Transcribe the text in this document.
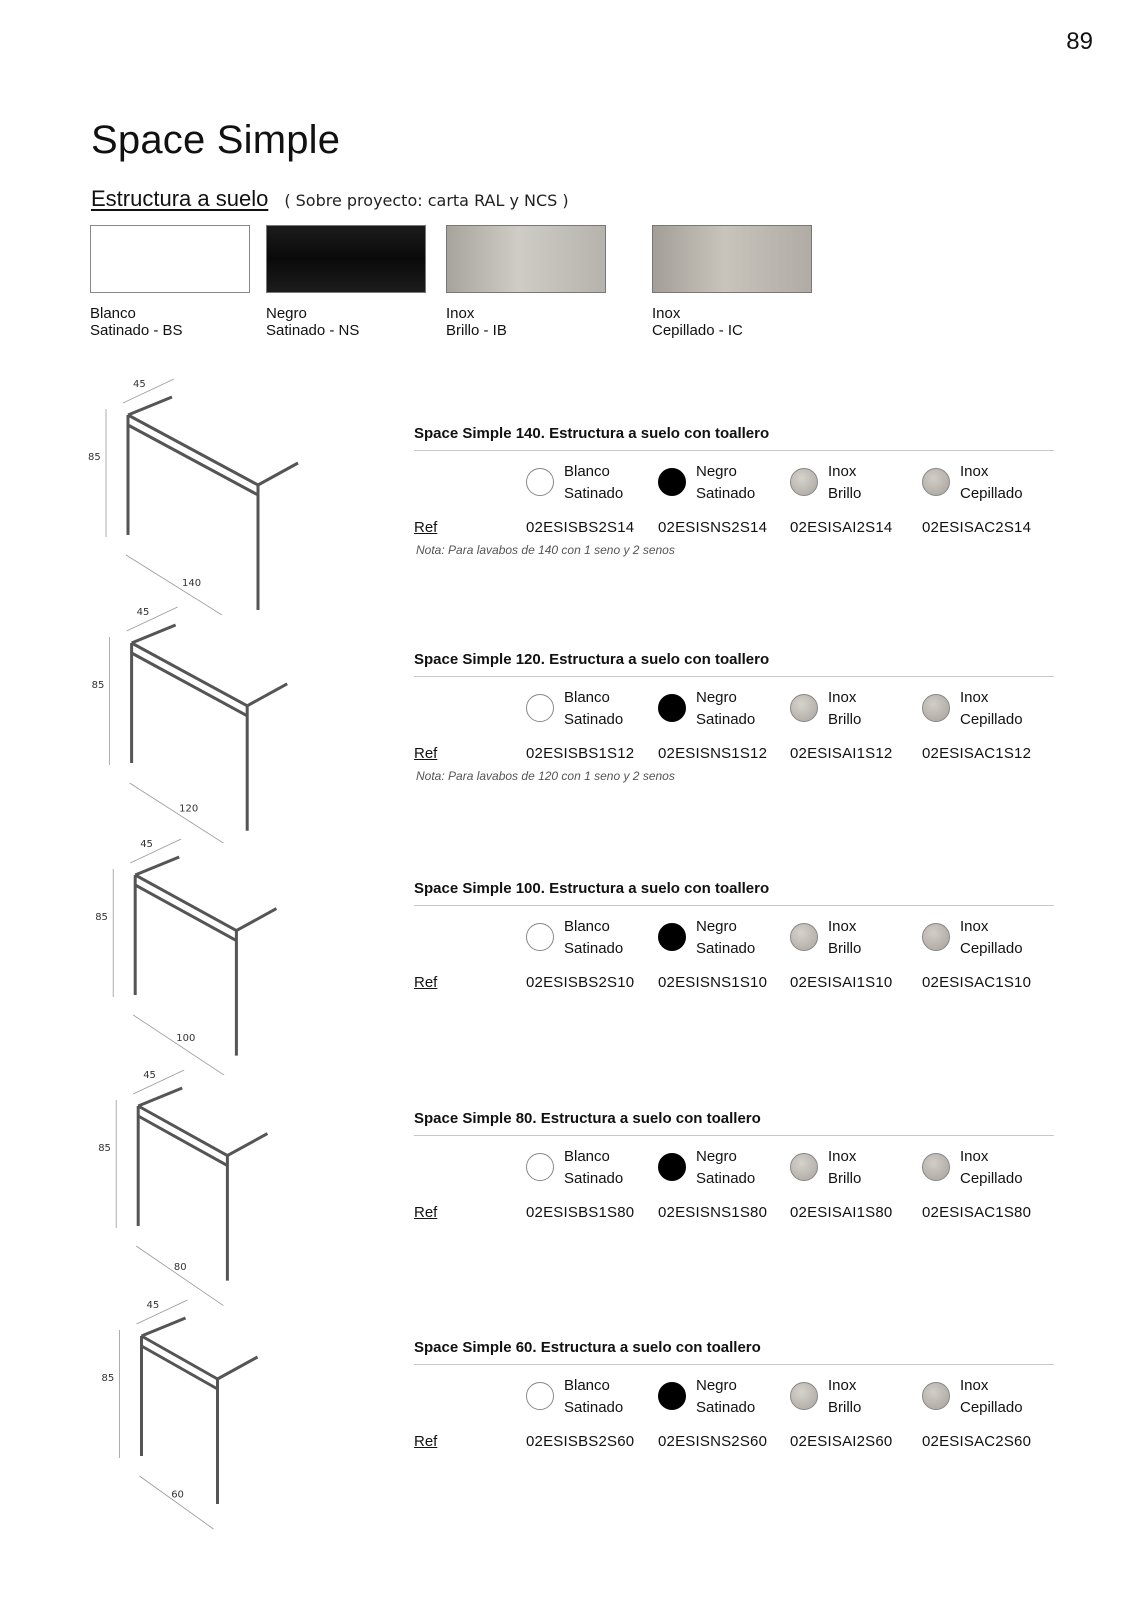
89
Space Simple
Estructura a suelo ( Sobre proyecto: carta RAL y NCS )
Blanco
Satinado - BS
Negro
Satinado - NS
Inox
Brillo - IB
Inox
Cepillado - IC
45
85
140
Space Simple 140. Estructura a suelo con toallero
Blanco
Satinado
Negro
Satinado
Inox
Brillo
Inox
Cepillado
Ref	02ESISBS2S14 02ESISNS2S14 02ESISAI2S14 02ESISAC2S14
Nota: Para lavabos de 140 con 1 seno y 2 senos
45
85
120
Space Simple 120. Estructura a suelo con toallero
Blanco
Satinado
Negro
Satinado
Inox
Brillo
Inox
Cepillado
Ref	02ESISBS1S12 02ESISNS1S12 02ESISAI1S12 02ESISAC1S12
Nota: Para lavabos de 120 con 1 seno y 2 senos
45
85
100
Space Simple 100. Estructura a suelo con toallero
Blanco
Satinado
Negro
Satinado
Inox
Brillo
Inox
Cepillado
Ref	02ESISBS2S10 02ESISNS1S10 02ESISAI1S10 02ESISAC1S10
45
85
80
Space Simple 80. Estructura a suelo con toallero
Blanco
Satinado
Negro
Satinado
Inox
Brillo
Inox
Cepillado
Ref	02ESISBS1S80 02ESISNS1S80 02ESISAI1S80 02ESISAC1S80
45
85
60
Space Simple 60. Estructura a suelo con toallero
Blanco
Satinado
Negro
Satinado
Inox
Brillo
Inox
Cepillado
Ref	02ESISBS2S60 02ESISNS2S60 02ESISAI2S60 02ESISAC2S60
